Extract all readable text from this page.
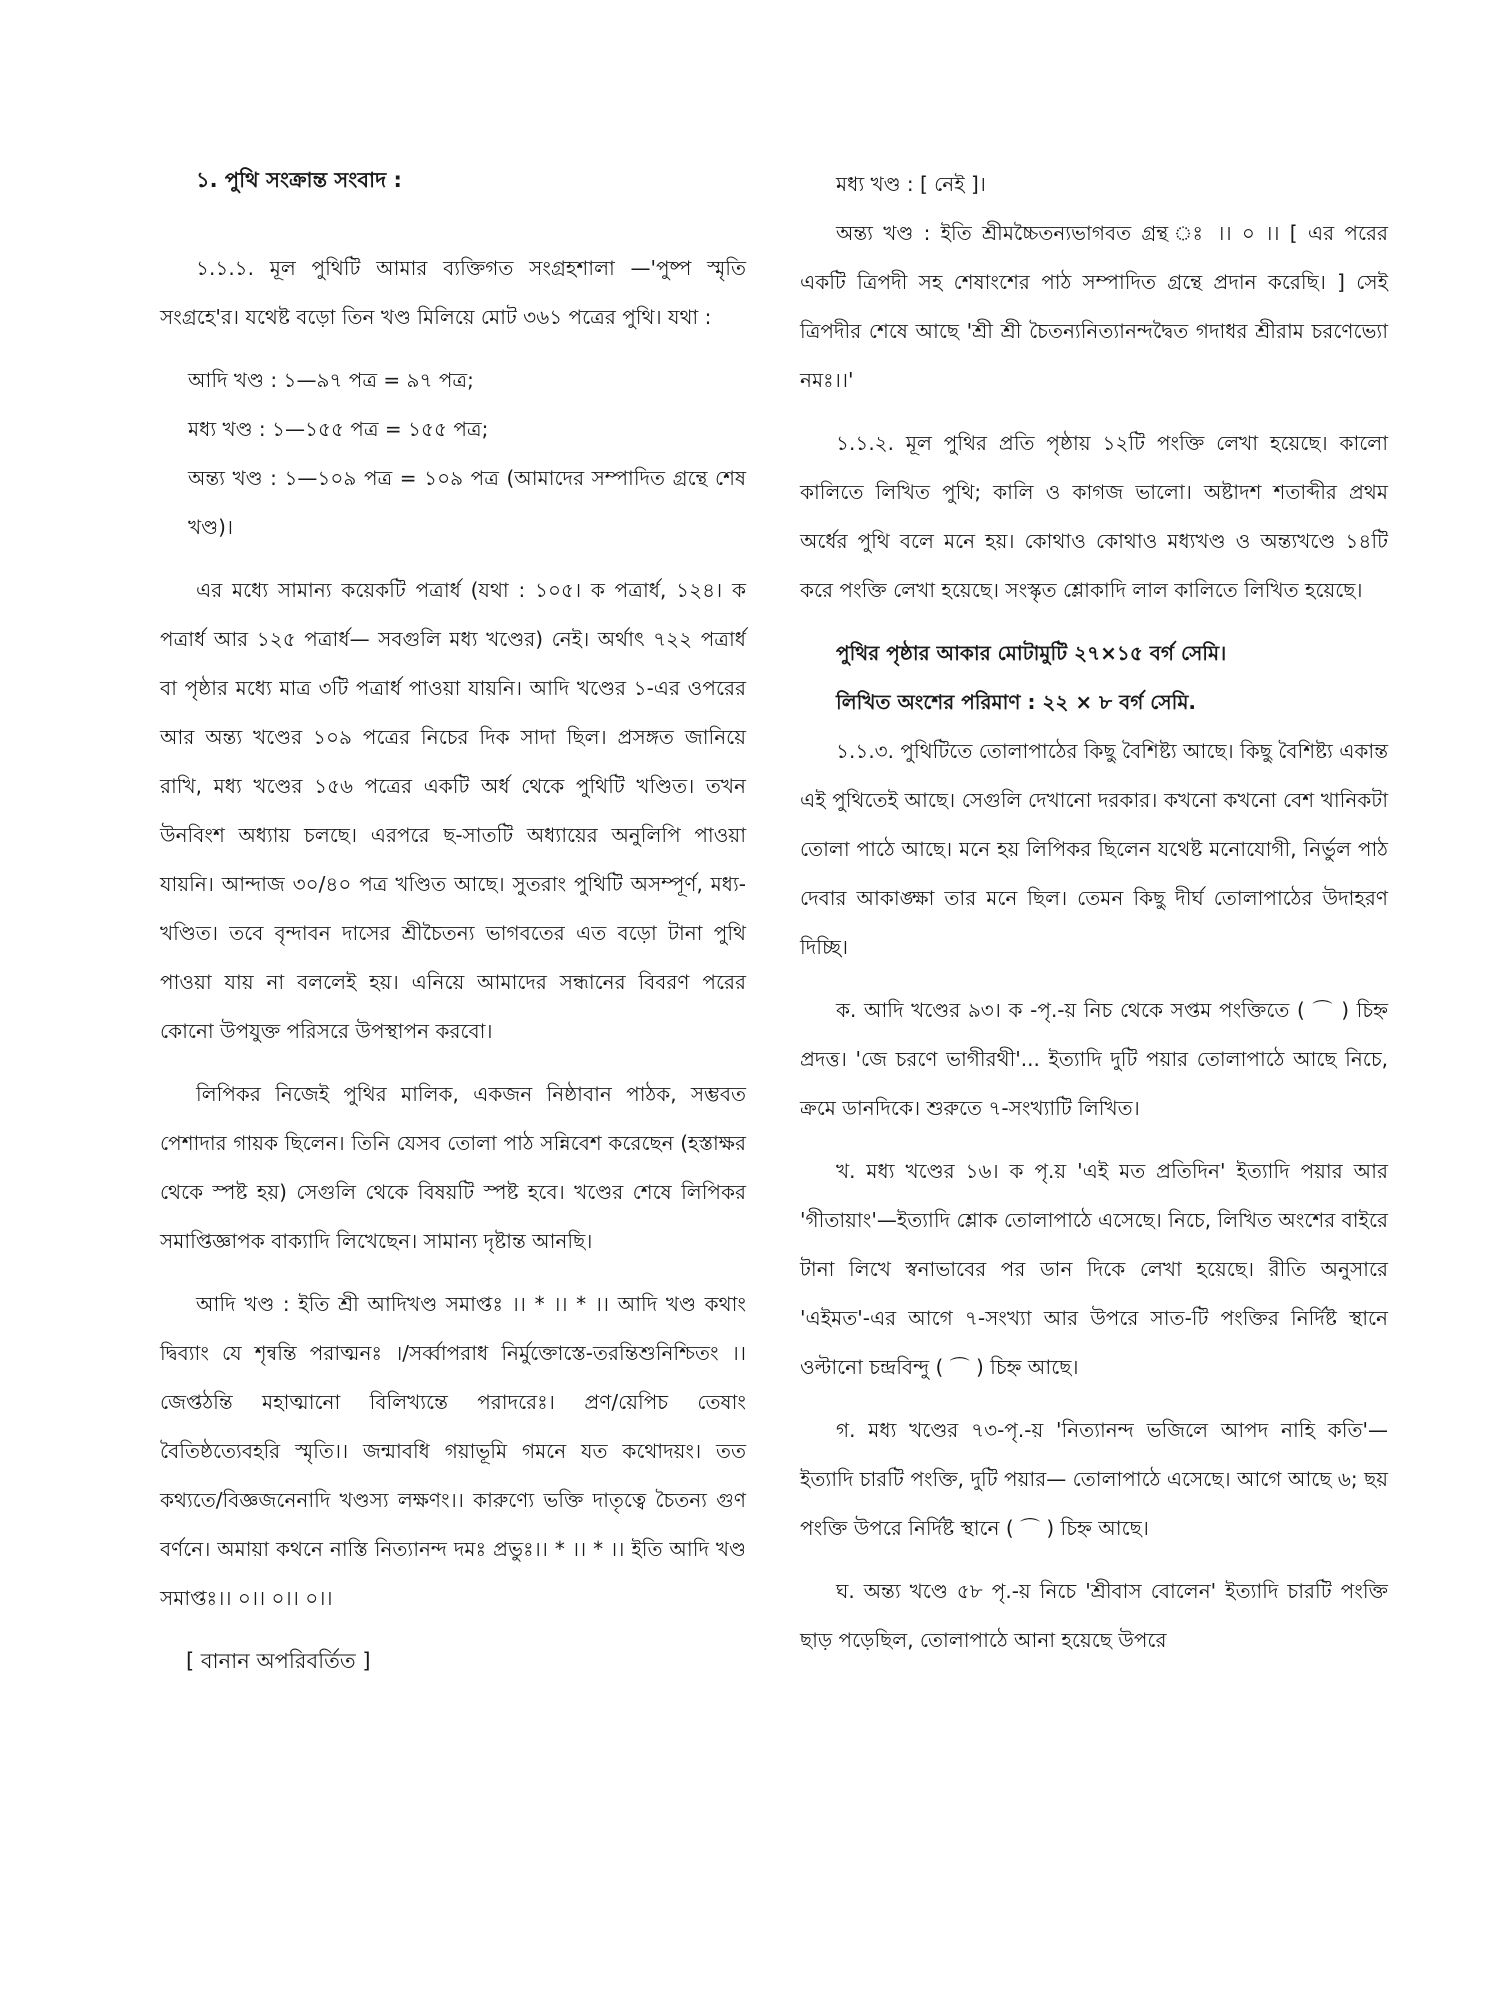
১. পুথি সংক্রান্ত সংবাদ :

১.১.১. মূল পুথিটি আমার ব্যক্তিগত সংগ্রহশালা —'পুষ্প স্মৃতি সংগ্রহে'র। যথেষ্ট বড়ো তিন খণ্ড মিলিয়ে মোট ৩৬১ পত্রের পুথি। যথা :

আদি খণ্ড : ১—৯৭ পত্র = ৯৭ পত্র;

মধ্য খণ্ড : ১—১৫৫ পত্র = ১৫৫ পত্র;

অন্ত্য খণ্ড : ১—১০৯ পত্র = ১০৯ পত্র (আমাদের সম্পাদিত গ্রন্থে শেষ খণ্ড)।

এর মধ্যে সামান্য কয়েকটি পত্রার্ধ (যথা : ১০৫। ক পত্রার্ধ, ১২৪। ক পত্রার্ধ আর ১২৫ পত্রার্ধ— সবগুলি মধ্য খণ্ডের) নেই। অর্থাৎ ৭২২ পত্রার্ধ বা পৃষ্ঠার মধ্যে মাত্র ৩টি পত্রার্ধ পাওয়া যায়নি। আদি খণ্ডের ১-এর ওপরের আর অন্ত্য খণ্ডের ১০৯ পত্রের নিচের দিক সাদা ছিল। প্রসঙ্গত জানিয়ে রাখি, মধ্য খণ্ডের ১৫৬ পত্রের একটি অর্ধ থেকে পুথিটি খণ্ডিত। তখন উনবিংশ অধ্যায় চলছে। এরপরে ছ-সাতটি অধ্যায়ের অনুলিপি পাওয়া যায়নি। আন্দাজ ৩০/৪০ পত্র খণ্ডিত আছে। সুতরাং পুথিটি অসম্পূর্ণ, মধ্য-খণ্ডিত। তবে বৃন্দাবন দাসের শ্রীচৈতন্য ভাগবতের এত বড়ো টানা পুথি পাওয়া যায় না বললেই হয়। এনিয়ে আমাদের সন্ধানের বিবরণ পরের কোনো উপযুক্ত পরিসরে উপস্থাপন করবো।

লিপিকর নিজেই পুথির মালিক, একজন নিষ্ঠাবান পাঠক, সম্ভবত পেশাদার গায়ক ছিলেন। তিনি যেসব তোলা পাঠ সন্নিবেশ করেছেন (হস্তাক্ষর থেকে স্পষ্ট হয়) সেগুলি থেকে বিষয়টি স্পষ্ট হবে। খণ্ডের শেষে লিপিকর সমাপ্তিজ্ঞাপক বাক্যাদি লিখেছেন। সামান্য দৃষ্টান্ত আনছি।

আদি খণ্ড : ইতি শ্রী আদিখণ্ড সমাপ্তঃ ।। * ।। * ।। আদি খণ্ড কথাং দ্বিব্যাং যে শৃন্বন্তি পরাত্মনঃ ।/সর্ব্বাপরাধ নির্মুক্তোস্তে-তরন্তিশুনিশ্চিতং ।। জেপ্তঠন্তি মহাত্মানো বিলিখ্যন্তে পরাদরেঃ। প্রণ/য়েপিচ তেষাং বৈতিষ্ঠত্যেবহরি স্মৃতি।। জন্মাবধি গয়াভূমি গমনে যত কথোদয়ং। তত কথ্যতে/বিজ্ঞজনেনাদি খণ্ডস্য লক্ষণং।। কারুণ্যে ভক্তি দাতৃত্বে চৈতন্য গুণ বর্ণনে। অমায়া কথনে নাস্তি নিত্যানন্দ দমঃ প্রভুঃ।। * ।। * ।। ইতি আদি খণ্ড সমাপ্তঃ।। ০।। ০।। ০।।

[ বানান অপরিবর্তিত ]

মধ্য খণ্ড : [ নেই ]।

অন্ত্য খণ্ড : ইতি শ্রীমচ্চৈতন্যভাগবত গ্রন্থ ঃ ।। ০ ।। [ এর পরের একটি ত্রিপদী সহ শেষাংশের পাঠ সম্পাদিত গ্রন্থে প্রদান করেছি। ] সেই ত্রিপদীর শেষে আছে 'শ্রী শ্রী চৈতন্যনিত্যানন্দদ্বৈত গদাধর শ্রীরাম চরণেভ্যো নমঃ।।'

১.১.২. মূল পুথির প্রতি পৃষ্ঠায় ১২টি পংক্তি লেখা হয়েছে। কালো কালিতে লিখিত পুথি; কালি ও কাগজ ভালো। অষ্টাদশ শতাব্দীর প্রথম অর্ধের পুথি বলে মনে হয়। কোথাও কোথাও মধ্যখণ্ড ও অন্ত্যখণ্ডে ১৪টি করে পংক্তি লেখা হয়েছে। সংস্কৃত শ্লোকাদি লাল কালিতে লিখিত হয়েছে।

পুথির পৃষ্ঠার আকার মোটামুটি ২৭×১৫ বর্গ সেমি।

লিখিত অংশের পরিমাণ : ২২ × ৮ বর্গ সেমি.

১.১.৩. পুথিটিতে তোলাপাঠের কিছু বৈশিষ্ট্য আছে। কিছু বৈশিষ্ট্য একান্ত এই পুথিতেই আছে। সেগুলি দেখানো দরকার। কখনো কখনো বেশ খানিকটা তোলা পাঠে আছে। মনে হয় লিপিকর ছিলেন যথেষ্ট মনোযোগী, নির্ভুল পাঠ দেবার আকাঙ্ক্ষা তার মনে ছিল। তেমন কিছু দীর্ঘ তোলাপাঠের উদাহরণ দিচ্ছি।

ক. আদি খণ্ডের ৯৩। ক -পৃ.-য় নিচ থেকে সপ্তম পংক্তিতে ( ⌒ ) চিহ্ন প্রদত্ত। 'জে চরণে ভাগীরথী'... ইত্যাদি দুটি পয়ার তোলাপাঠে আছে নিচে, ক্রমে ডানদিকে। শুরুতে ৭-সংখ্যাটি লিখিত।

খ. মধ্য খণ্ডের ১৬। ক পৃ.য় 'এই মত প্রতিদিন' ইত্যাদি পয়ার আর 'গীতায়াং'—ইত্যাদি শ্লোক তোলাপাঠে এসেছে। নিচে, লিখিত অংশের বাইরে টানা লিখে স্বনাভাবের পর ডান দিকে লেখা হয়েছে। রীতি অনুসারে 'এইমত'-এর আগে ৭-সংখ্যা আর উপরে সাত-টি পংক্তির নির্দিষ্ট স্থানে ওল্টানো চন্দ্রবিন্দু ( ⌒ ) চিহ্ন আছে।

গ. মধ্য খণ্ডের ৭৩-পৃ.-য় 'নিত্যানন্দ ভজিলে আপদ নাহি কতি'— ইত্যাদি চারটি পংক্তি, দুটি পয়ার— তোলাপাঠে এসেছে। আগে আছে ৬; ছয় পংক্তি উপরে নির্দিষ্ট স্থানে ( ⌒ ) চিহ্ন আছে।

ঘ. অন্ত্য খণ্ডে ৫৮ পৃ.-য় নিচে 'শ্রীবাস বোলেন' ইত্যাদি চারটি পংক্তি ছাড় পড়েছিল, তোলাপাঠে আনা হয়েছে উপরে
